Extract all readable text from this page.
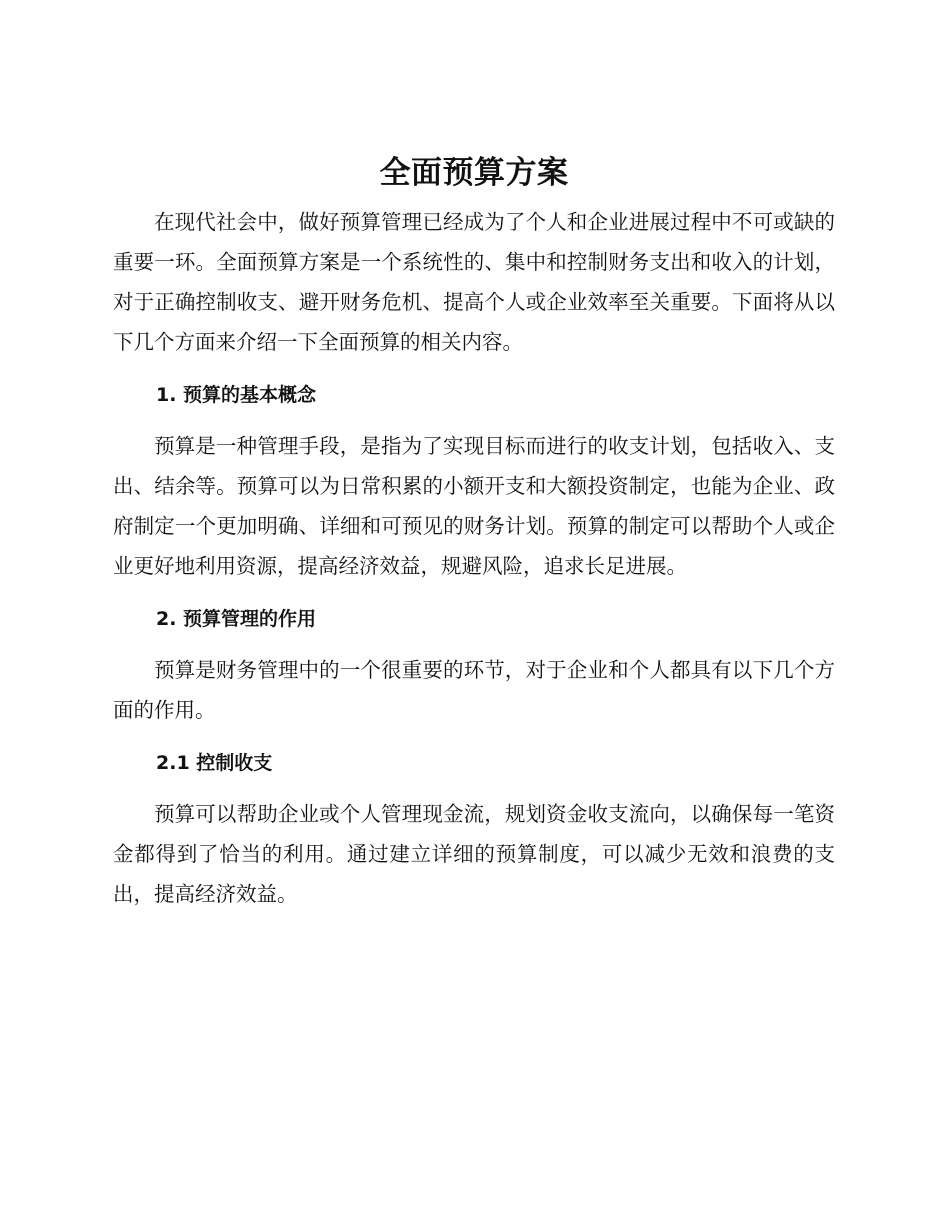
全面预算方案

在现代社会中，做好预算管理已经成为了个人和企业进展过程中不可或缺的重要一环。全面预算方案是一个系统性的、集中和控制财务支出和收入的计划，对于正确控制收支、避开财务危机、提高个人或企业效率至关重要。下面将从以下几个方面来介绍一下全面预算的相关内容。

1. 预算的基本概念

预算是一种管理手段，是指为了实现目标而进行的收支计划，包括收入、支出、结余等。预算可以为日常积累的小额开支和大额投资制定，也能为企业、政府制定一个更加明确、详细和可预见的财务计划。预算的制定可以帮助个人或企业更好地利用资源，提高经济效益，规避风险，追求长足进展。

2. 预算管理的作用

预算是财务管理中的一个很重要的环节，对于企业和个人都具有以下几个方面的作用。

2.1 控制收支

预算可以帮助企业或个人管理现金流，规划资金收支流向，以确保每一笔资金都得到了恰当的利用。通过建立详细的预算制度，可以减少无效和浪费的支出，提高经济效益。
